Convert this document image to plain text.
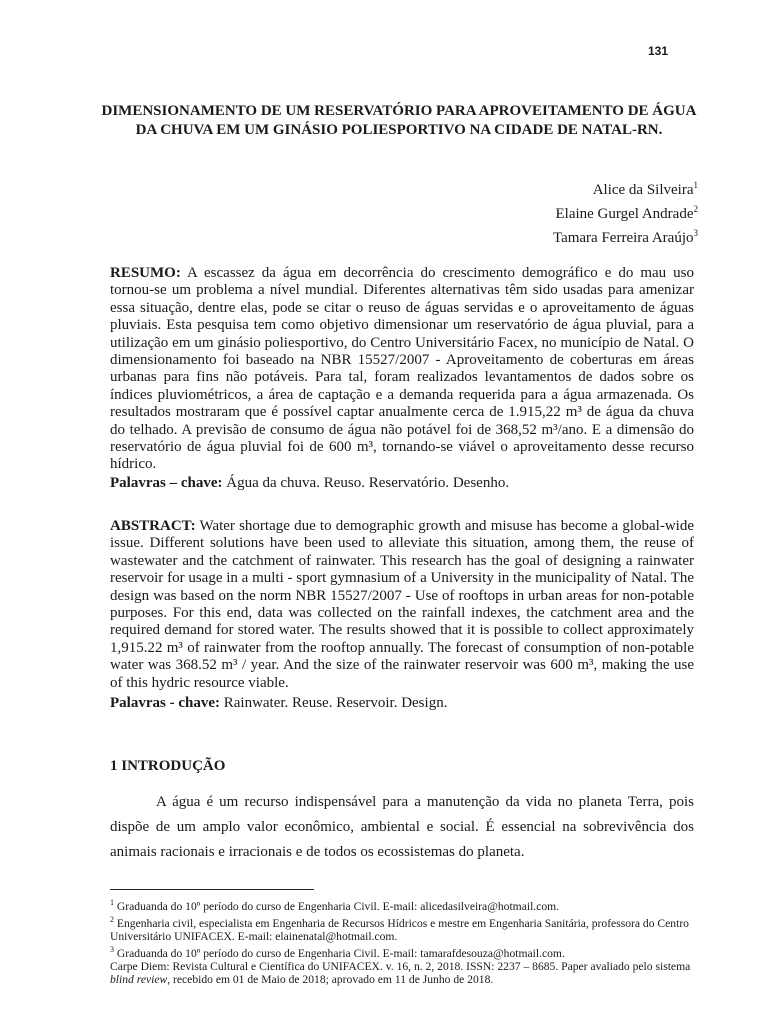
131
DIMENSIONAMENTO DE UM RESERVATÓRIO PARA APROVEITAMENTO DE ÁGUA DA CHUVA EM UM GINÁSIO POLIESPORTIVO NA CIDADE DE NATAL-RN.
Alice da Silveira$^1$
Elaine Gurgel Andrade$^2$
Tamara Ferreira Araújo$^3$
RESUMO: A escassez da água em decorrência do crescimento demográfico e do mau uso tornou-se um problema a nível mundial. Diferentes alternativas têm sido usadas para amenizar essa situação, dentre elas, pode se citar o reuso de águas servidas e o aproveitamento de águas pluviais. Esta pesquisa tem como objetivo dimensionar um reservatório de água pluvial, para a utilização em um ginásio poliesportivo, do Centro Universitário Facex, no município de Natal. O dimensionamento foi baseado na NBR 15527/2007 - Aproveitamento de coberturas em áreas urbanas para fins não potáveis. Para tal, foram realizados levantamentos de dados sobre os índices pluviométricos, a área de captação e a demanda requerida para a água armazenada. Os resultados mostraram que é possível captar anualmente cerca de 1.915,22 m³ de água da chuva do telhado. A previsão de consumo de água não potável foi de 368,52 m³/ano. E a dimensão do reservatório de água pluvial foi de 600 m³, tornando-se viável o aproveitamento desse recurso hídrico.
Palavras – chave: Água da chuva. Reuso. Reservatório. Desenho.
ABSTRACT: Water shortage due to demographic growth and misuse has become a global-wide issue. Different solutions have been used to alleviate this situation, among them, the reuse of wastewater and the catchment of rainwater. This research has the goal of designing a rainwater reservoir for usage in a multi - sport gymnasium of a University in the municipality of Natal. The design was based on the norm NBR 15527/2007 - Use of rooftops in urban areas for non-potable purposes. For this end, data was collected on the rainfall indexes, the catchment area and the required demand for stored water. The results showed that it is possible to collect approximately 1,915.22 m³ of rainwater from the rooftop annually. The forecast of consumption of non-potable water was 368.52 m³ / year. And the size of the rainwater reservoir was 600 m³, making the use of this hydric resource viable.
Palavras - chave: Rainwater. Reuse. Reservoir. Design.
1 INTRODUÇÃO
A água é um recurso indispensável para a manutenção da vida no planeta Terra, pois dispõe de um amplo valor econômico, ambiental e social. É essencial na sobrevivência dos animais racionais e irracionais e de todos os ecossistemas do planeta.

$^1$ Graduanda do 10º período do curso de Engenharia Civil. E-mail: alicedasilveira@hotmail.com.

$^2$ Engenharia civil, especialista em Engenharia de Recursos Hídricos e mestre em Engenharia Sanitária, professora do Centro Universitário UNIFACEX. E-mail: elainenatal@hotmail.com.

$^3$ Graduanda do 10º período do curso de Engenharia Civil. E-mail: tamarafdesouza@hotmail.com.

Carpe Diem: Revista Cultural e Científica do UNIFACEX. v. 16, n. 2, 2018. ISSN: 2237 – 8685. Paper avaliado pelo sistema blind review, recebido em 01 de Maio de 2018; aprovado em 11 de Junho de 2018.
